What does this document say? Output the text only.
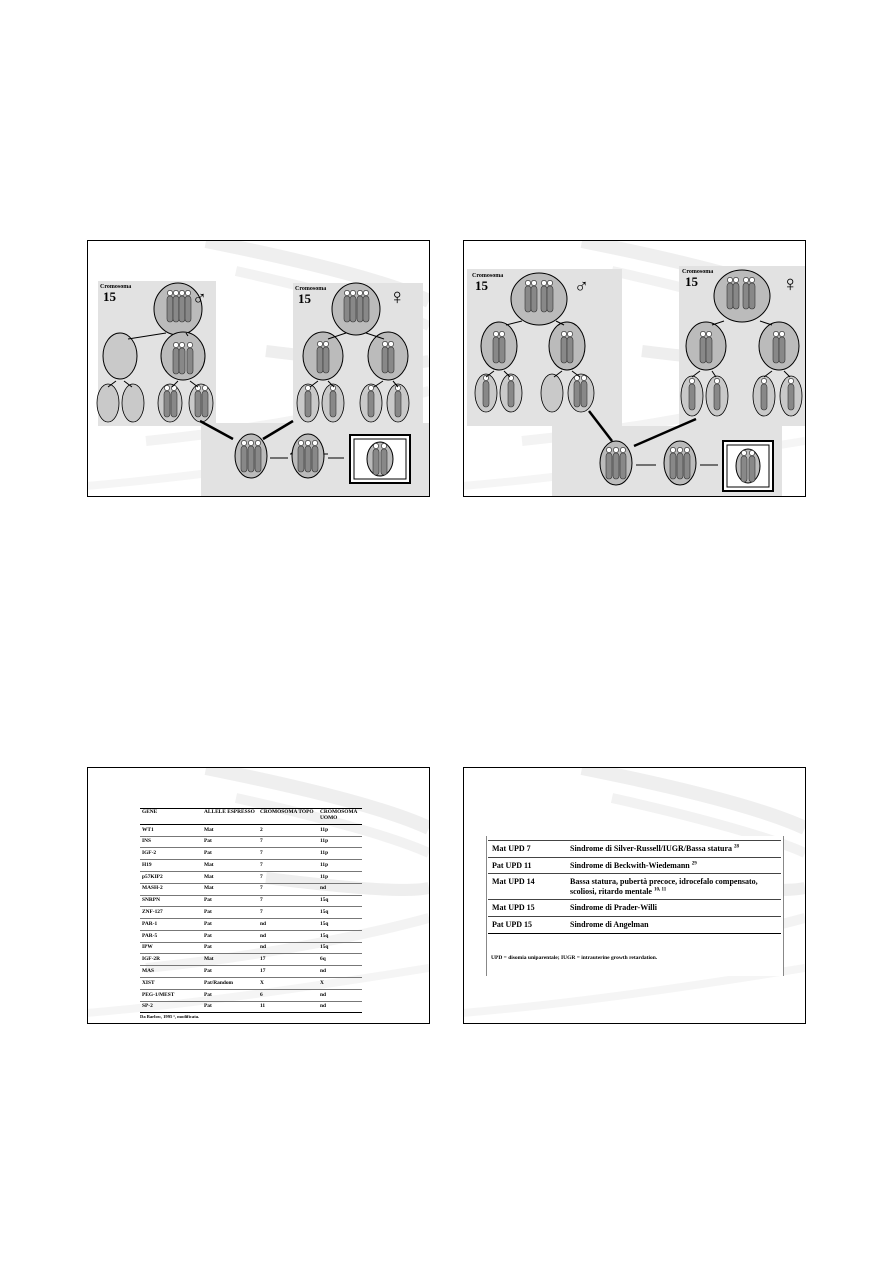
Cromosoma
15	Cromosoma
15
♂	♀
Cromosoma
15
Cromosoma
15
♂	♀
GENE	ALLELE ESPRESSO	CROMOSOMA TOPO	CROMOSOMA UOMO
WT1	Mat	2	11p
INS	Pat	7	11p
IGF-2	Pat	7	11p
H19	Mat	7	11p
p57KIP2	Mat	7	11p
MASH-2	Mat	7	nd
SNRPN	Pat	7	15q
ZNF-127	Pat	7	15q
PAR-1	Pat	nd	15q
PAR-5	Pat	nd	15q
IPW	Pat	nd	15q
IGF-2R	Mat	17	6q
MAS	Pat	17	nd
XIST	Pat/Random	X	X
PEG-1/MEST	Pat	6	nd
SP-2	Pat	11	nd
Da Barlow, 1995 ¹, modificata.
Mat UPD 7	Sindrome di Silver-Russell/IUGR/Bassa statura $^{28}$
Pat UPD 11	Sindrome di Beckwith-Wiedemann $^{29}$
Mat UPD 14	Bassa statura, pubertà precoce, idrocefalo compensato, scoliosi, ritardo mentale $^{10, 11}$
Mat UPD 15	Sindrome di Prader-Willi
Pat UPD 15	Sindrome di Angelman
UPD = disomia uniparentale; IUGR = intrauterine growth retardation.
